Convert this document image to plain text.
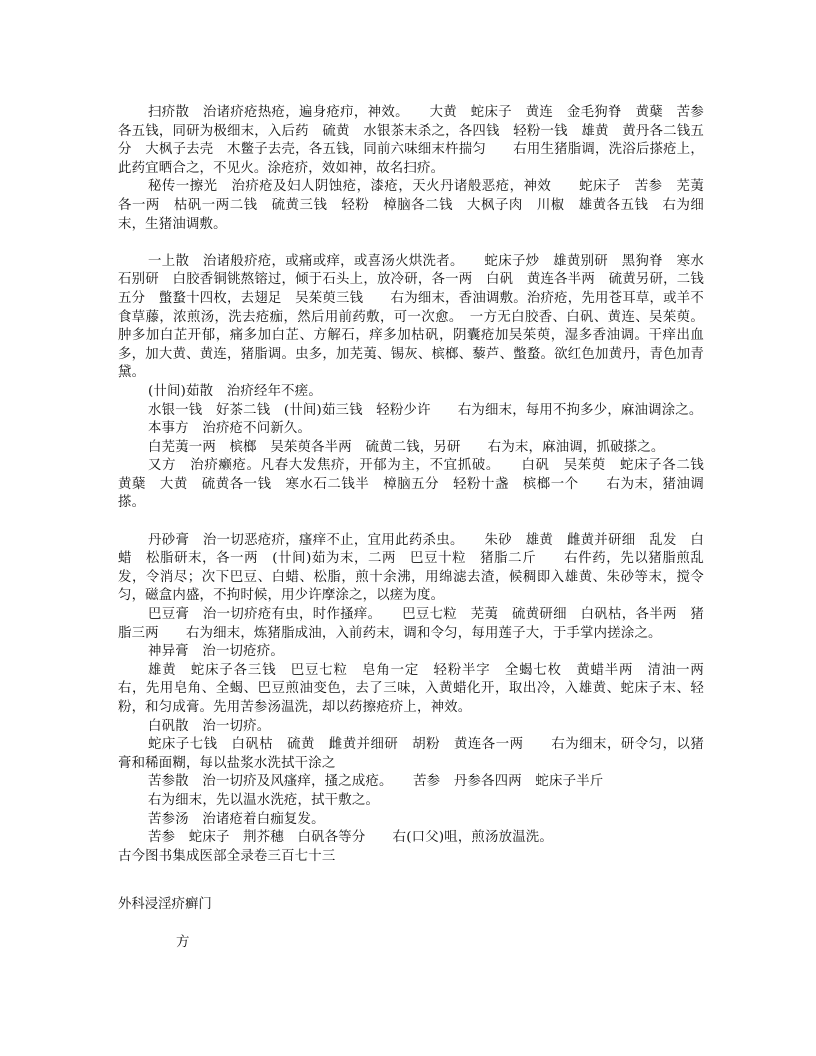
扫疥散　治诸疥疮热疮，遍身疮疖，神效。　　大黄　蛇床子　黄连　金毛狗脊　黄蘖　苦参各五钱，同研为极细末，入后药　硫黄　水银茶末杀之，各四钱　轻粉一钱　雄黄　黄丹各二钱五分　大枫子去壳　木鳖子去壳，各五钱，同前六味细末杵揣匀　　右用生猪脂调，洗浴后搽疮上，此药宜晒合之，不见火。涂疮疥，效如神，故名扫疥。

秘传一擦光　治疥疮及妇人阴蚀疮，漆疮，天火丹诸般恶疮，神效　　蛇床子　苦参　芜荑各一两　枯矾一两二钱　硫黄三钱　轻粉　樟脑各二钱　大枫子肉　川椒　雄黄各五钱　右为细末，生猪油调敷。

一上散　治诸般疥疮，或痛或痒，或喜汤火烘洗者。　　蛇床子炒　雄黄别研　黑狗脊　寒水石别研　白胶香铜铫熬镕过，倾于石头上，放冷研，各一两　白矾　黄连各半两　硫黄另研，二钱五分　蟞蝥十四枚，去翅足　吴茱萸三钱　　右为细末，香油调敷。治疥疮，先用苍耳草，或羊不食草藤，浓煎汤，洗去疮痂，然后用前药敷，可一次愈。　一方无白胶香、白矾、黄连、吴茱萸。肿多加白芷开郁，痛多加白芷、方解石，痒多加枯矾，阴囊疮加吴茱萸，湿多香油调。干痒出血多，加大黄、黄连，猪脂调。虫多，加芜荑、锡灰、槟榔、藜芦、蟞蝥。欲红色加黄丹，青色加青黛。

(卄间)茹散　治疥经年不瘥。

水银一钱　好茶二钱　(卄间)茹三钱　轻粉少许　　右为细末，每用不拘多少，麻油调涂之。

本事方　治疥疮不问新久。

白芜荑一两　槟榔　吴茱萸各半两　硫黄二钱，另研　　右为末，麻油调，抓破搽之。

又方　治疥癞疮。凡春大发焦疥，开郁为主，不宜抓破。　　白矾　吴茱萸　蛇床子各二钱　黄蘖　大黄　硫黄各一钱　寒水石二钱半　樟脑五分　轻粉十盏　槟榔一个　　右为末，猪油调搽。

丹砂膏　治一切恶疮疥，瘙痒不止，宜用此药杀虫。　　朱砂　雄黄　雌黄并研细　乱发　白蜡　松脂研末，各一两　(卄间)茹为末，二两　巴豆十粒　猪脂二斤　　右件药，先以猪脂煎乱发，令消尽；次下巴豆、白蜡、松脂，煎十余沸，用绵滤去渣，候稠即入雄黄、朱砂等末，搅令匀，磁盒内盛，不拘时候，用少许摩涂之，以瘥为度。

巴豆膏　治一切疥疮有虫，时作搔痒。　　巴豆七粒　芜荑　硫黄研细　白矾枯，各半两　猪脂三两　　右为细末，炼猪脂成油，入前药末，调和令匀，每用莲子大，于手掌内搓涂之。

神异膏　治一切疮疥。

雄黄　蛇床子各三钱　巴豆七粒　皂角一定　轻粉半字　全蝎七枚　黄蜡半两　清油一两右，先用皂角、全蝎、巴豆煎油变色，去了三味，入黄蜡化开，取出冷，入雄黄、蛇床子末、轻粉，和匀成膏。先用苦参汤温洗，却以药擦疮疥上，神效。

白矾散　治一切疥。

蛇床子七钱　白矾枯　硫黄　雌黄并细研　胡粉　黄连各一两　　右为细末，研令匀，以猪膏和稀面糊，每以盐浆水洗拭干涂之

苦参散　治一切疥及风瘙痒，搔之成疮。　　苦参　丹参各四两　蛇床子半斤

右为细末，先以温水洗疮，拭干敷之。

苦参汤　治诸疮着白痂复发。

苦参　蛇床子　荆芥穗　白矾各等分　　右(口父)咀，煎汤放温洗。

古今图书集成医部全录卷三百七十三

外科浸淫疥癣门
方
